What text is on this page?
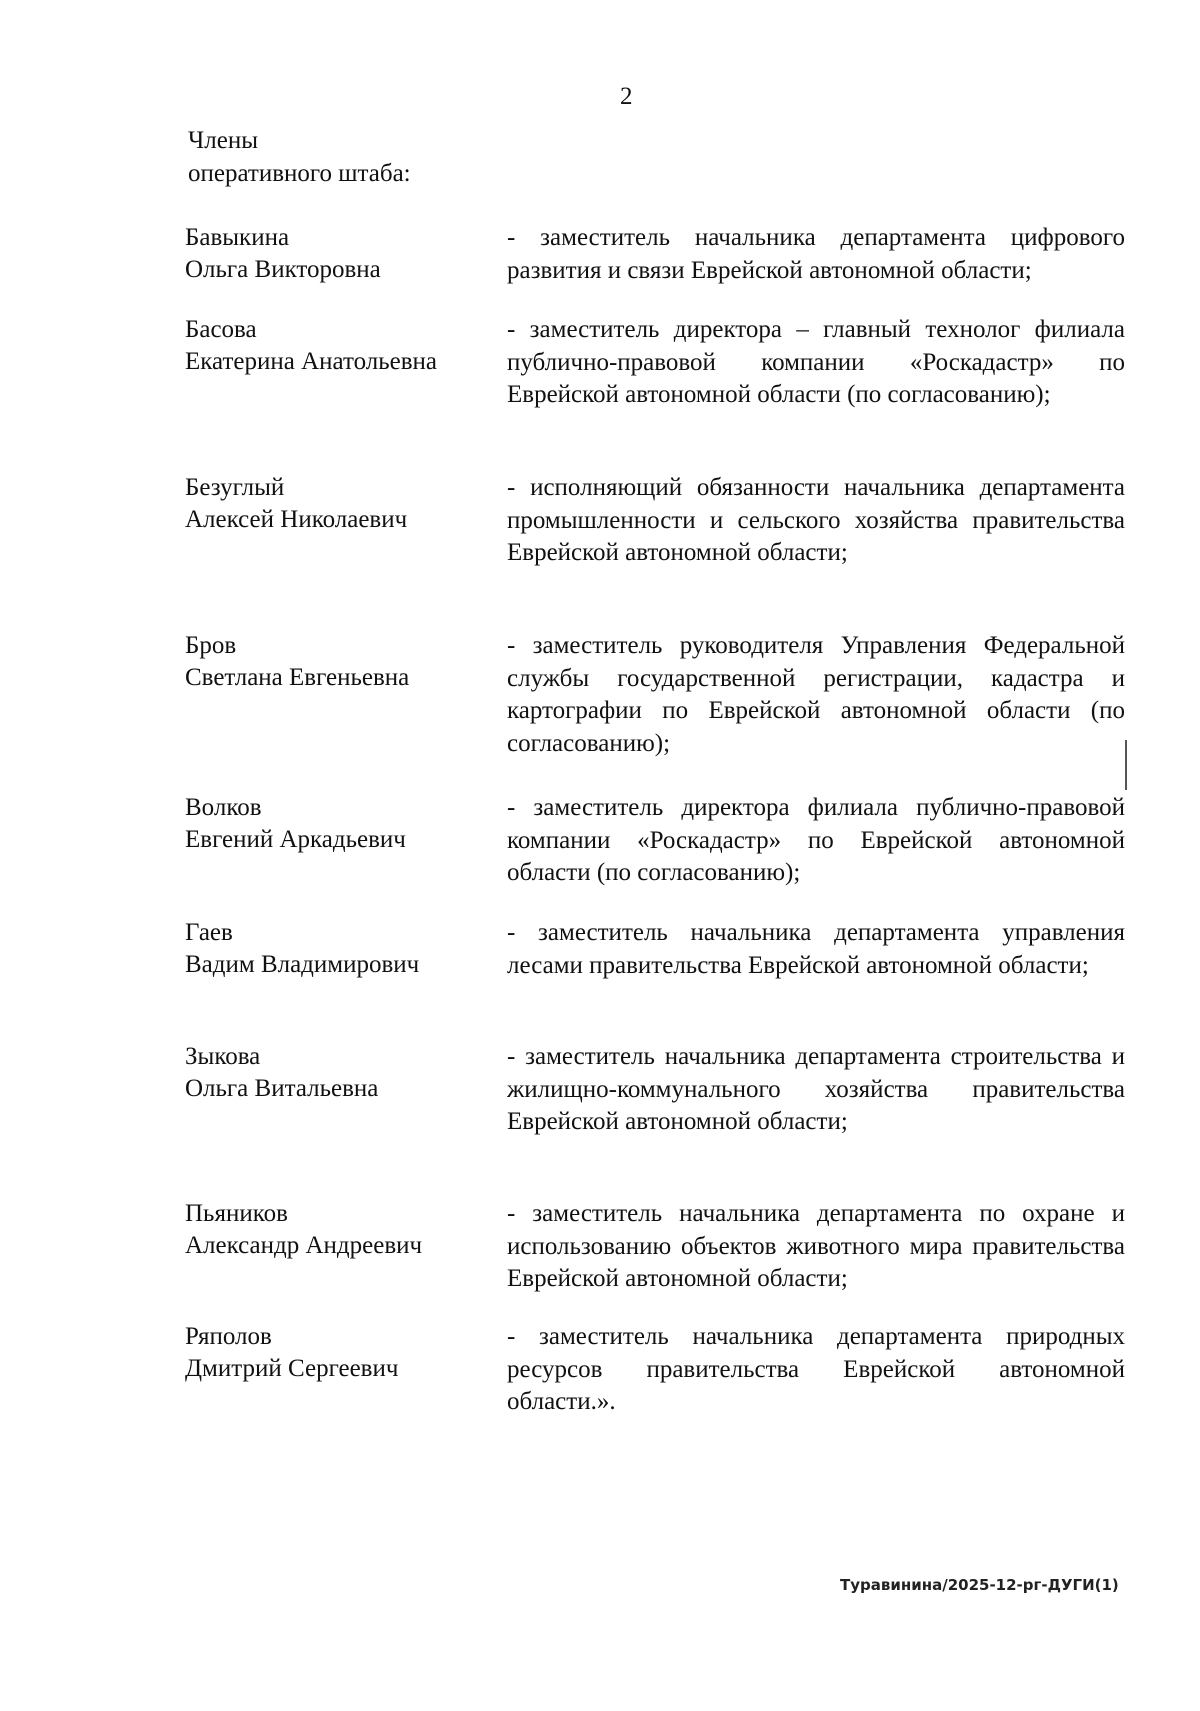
2
Члены
оперативного штаба:
Бавыкина
Ольга Викторовна
- заместитель начальника департамента цифрового развития и связи Еврейской автономной области;
Басова
Екатерина Анатольевна
- заместитель директора – главный технолог филиала публично-правовой компании «Роскадастр» по Еврейской автономной области (по согласованию);
Безуглый
Алексей Николаевич
- исполняющий обязанности начальника департамента промышленности и сельского хозяйства правительства Еврейской автономной области;
Бров
Светлана Евгеньевна
- заместитель руководителя Управления Федеральной службы государственной регистрации, кадастра и картографии по Еврейской автономной области (по согласованию);
Волков
Евгений Аркадьевич
- заместитель директора филиала публично-правовой компании «Роскадастр» по Еврейской автономной области (по согласованию);
Гаев
Вадим Владимирович
- заместитель начальника департамента управления лесами правительства Еврейской автономной области;
Зыкова
Ольга Витальевна
- заместитель начальника департамента строительства и жилищно-коммунального хозяйства правительства Еврейской автономной области;
Пьяников
Александр Андреевич
- заместитель начальника департамента по охране и использованию объектов животного мира правительства Еврейской автономной области;
Ряполов
Дмитрий Сергеевич
- заместитель начальника департамента природных ресурсов правительства Еврейской автономной области.».
Туравинина/2025-12-рг-ДУГИ(1)
